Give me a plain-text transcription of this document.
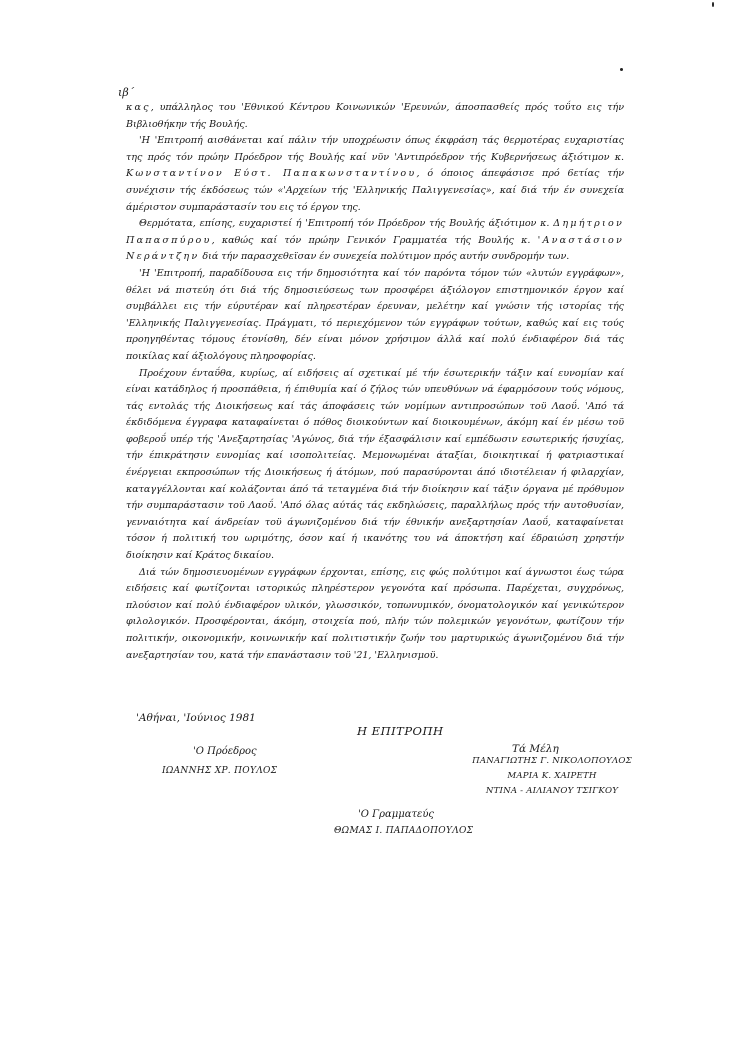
ιβ΄

κας, υπάλληλος του 'Εθνικού Κέντρου Κοινωνικών 'Ερευνών, άποσπασθείς πρός τοΰτο εις τήν Βιβλιοθήκην τής Βουλής.

'Η 'Επιτροπή αισθάνεται καί πάλιν τήν υποχρέωσιν όπως έκφράση τάς θερμοτέρας ευχαριστίας της πρός τόν πρώην Πρόεδρον τής Βουλής καί νϋν 'Αντιπρόεδρον τής Κυβερνήσεως άξιότιμον κ. Κωνσταντίνον Εύστ. Παπακωνσταντίνου, ό όποιος άπεφάσισε πρό 6ετίας τήν συνέχισιν τής έκδόσεως τών «'Αρχείων τής 'Ελληνικής Παλιγγενεσίας», καί διά τήν έν συνεχεία άμέριστον συμπαράστασίν του εις τό έργον της.

Θερμότατα, επίσης, ευχαριστεί ή 'Επιτροπή τόν Πρόεδρον τής Βουλής άξιότιμον κ. Δημήτριον Παπασπύρου, καθώς καί τόν πρώην Γενικόν Γραμματέα τής Βουλής κ. 'Αναστάσιον Νεράντζην διά τήν παρασχεθεϊσαν έν συνεχεία πολύτιμον πρός αυτήν συνδρομήν των.

'Η 'Επιτροπή, παραδίδουσα εις τήν δημοσιότητα καί τόν παρόντα τόμον τών «λυτών εγγράφων», θέλει νά πιστεύη ότι διά τής δημοσιεύσεως των προσφέρει άξιόλογον επιστημονικόν έργον καί συμβάλλει εις τήν εύρυτέραν καί πληρεστέραν έρευναν, μελέτην καί γνώσιν τής ιστορίας τής 'Ελληνικής Παλιγγενεσίας. Πράγματι, τό περιεχόμενον τών εγγράφων τούτων, καθώς καί εις τούς προηγηθέντας τόμους έτονίσθη, δέν είναι μόνον χρήσιμον άλλά καί πολύ ένδιαφέρον διά τάς ποικίλας καί άξιολόγους πληροφορίας.

Προέχουν ένταΰθα, κυρίως, αί ειδήσεις αί σχετικαί μέ τήν έσωτερικήν τάξιν καί ευνομίαν καί είναι κατάδηλος ή προσπάθεια, ή έπιθυμία καί ό ζήλος τών υπευθύνων νά έφαρμόσουν τούς νόμους, τάς εντολάς τής Διοικήσεως καί τάς άποφάσεις τών νομίμων αντιπροσώπων τοϋ Λαοΰ. 'Από τά έκδιδόμενα έγγραφα καταφαίνεται ό πόθος διοικούντων καί διοικουμένων, άκόμη καί έν μέσω τοϋ φοβεροΰ υπέρ τής 'Ανεξαρτησίας 'Αγώνος, διά τήν έξασφάλισιν καί εμπέδωσιν εσωτερικής ήσυχίας, τήν έπικράτησιν ευνομίας καί ισοπολιτείας. Μεμονωμέναι άταξίαι, διοικητικαί ή φατριαστικαί ένέργειαι εκπροσώπων τής Διοικήσεως ή άτόμων, πού παρασύρονται άπό ιδιοτέλειαν ή φιλαρχίαν, καταγγέλλονται καί κολάζονται άπό τά τεταγμένα διά τήν διοίκησιν καί τάξιν όργανα μέ πρόθυμον τήν συμπαράστασιν τοϋ Λαοΰ. 'Από όλας αύτάς τάς εκδηλώσεις, παραλλήλως πρός τήν αυτοθυσίαν, γενναιότητα καί άνδρείαν τοϋ άγωνιζομένου διά τήν έθνικήν ανεξαρτησίαν Λαοΰ, καταφαίνεται τόσον ή πολιτική του ωριμότης, όσον καί ή ικανότης του νά άποκτήση καί έδραιώση χρηστήν διοίκησιν καί Κράτος δικαίου.

Διά τών δημοσιευομένων εγγράφων έρχονται, επίσης, εις φώς πολύτιμοι καί άγνωστοι έως τώρα ειδήσεις καί φωτίζονται ιστορικώς πληρέστερον γεγονότα καί πρόσωπα. Παρέχεται, συγχρόνως, πλούσιον καί πολύ ένδιαφέρον υλικόν, γλωσσικόν, τοπωνυμικόν, όνοματολογικόν καί γενικώτερον φιλολογικόν. Προσφέρονται, άκόμη, στοιχεία πού, πλήν τών πολεμικών γεγονότων, φωτίζουν τήν πολιτικήν, οικονομικήν, κοινωνικήν καί πολιτιστικήν ζωήν του μαρτυρικώς άγωνιζομένου διά τήν ανεξαρτησίαν του, κατά τήν επανάστασιν τοϋ '21, 'Ελληνισμοϋ.

'Αθήναι, 'Ιούνιος 1981
Η ΕΠΙΤΡΟΠΗ
Τά Μέλη
'Ο Πρόεδρος
ΙΩΑΝΝΗΣ ΧΡ. ΠΟΥΛΟΣ
ΠΑΝΑΓΙΩΤΗΣ Γ. ΝΙΚΟΛΟΠΟΥΛΟΣ
ΜΑΡΙΑ Κ. ΧΑΙΡΕΤΗ
ΝΤΙΝΑ - ΑΙΛΙΑΝΟΥ ΤΣΙΓΚΟΥ
'Ο Γραμματεύς
ΘΩΜΑΣ Ι. ΠΑΠΑΔΟΠΟΥΛΟΣ
